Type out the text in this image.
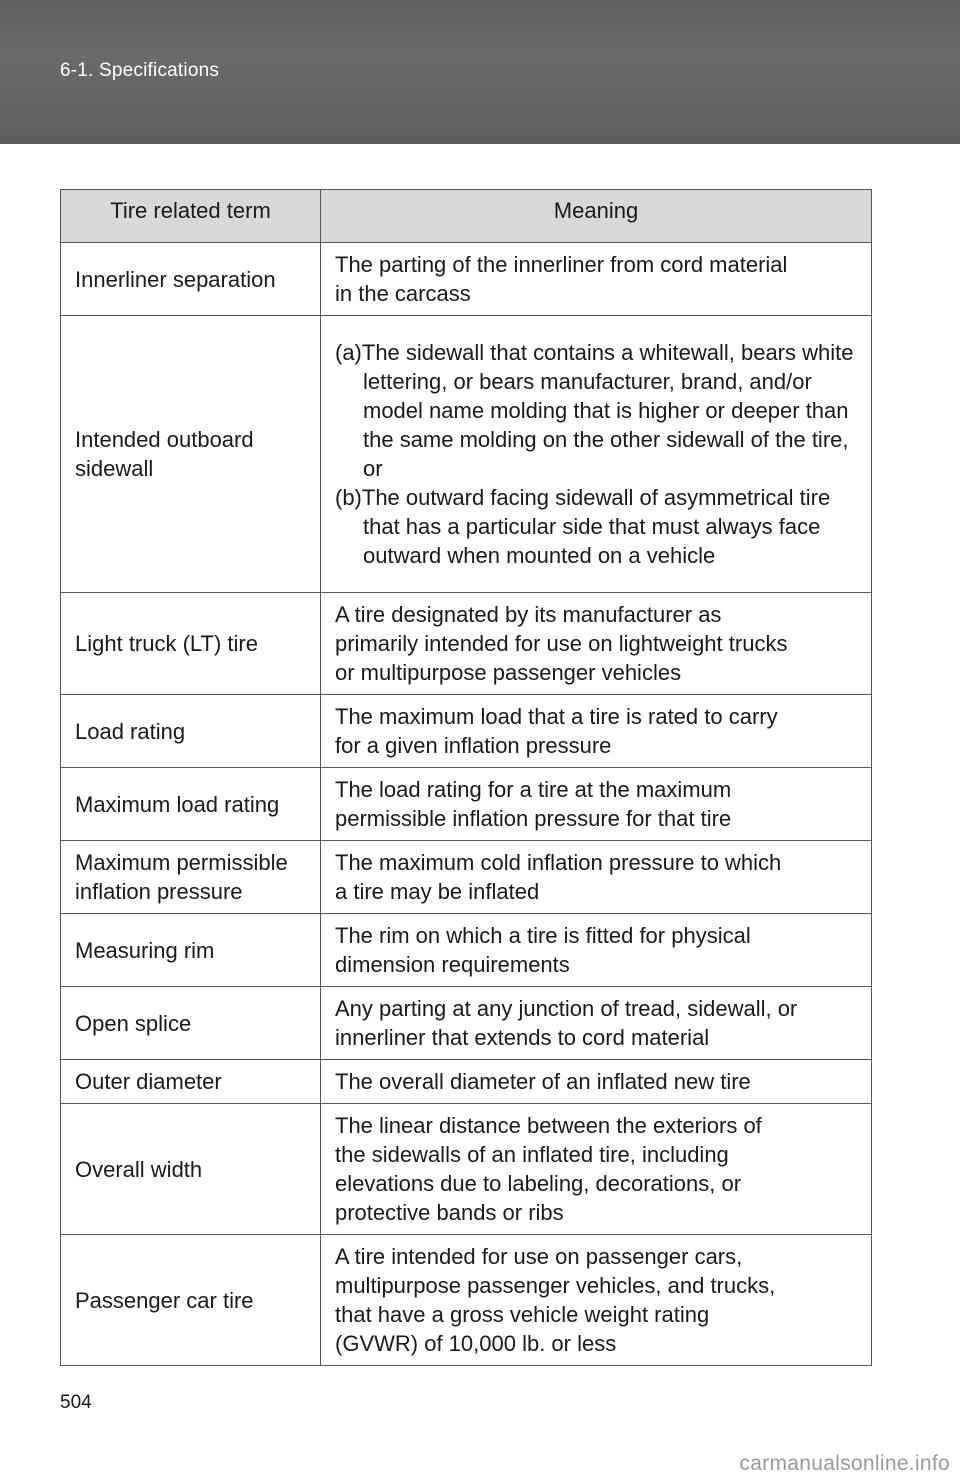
6-1. Specifications
Tire related term	Meaning
Innerliner separation	The parting of the innerliner from cord material
in the carcass
Intended outboard sidewall	(a)The sidewall that contains a whitewall, bears white lettering, or bears manufacturer, brand, and/or model name molding that is higher or deeper than the same molding on the other sidewall of the tire, or
(b)The outward facing sidewall of asymmetrical tire that has a particular side that must always face outward when mounted on a vehicle

Light truck (LT) tire	A tire designated by its manufacturer as
primarily intended for use on lightweight trucks
or multipurpose passenger vehicles
Load rating	The maximum load that a tire is rated to carry
for a given inflation pressure
Maximum load rating	The load rating for a tire at the maximum
permissible inflation pressure for that tire
Maximum permissible inflation pressure	The maximum cold inflation pressure to which
a tire may be inflated
Measuring rim	The rim on which a tire is fitted for physical
dimension requirements
Open splice	Any parting at any junction of tread, sidewall, or
innerliner that extends to cord material
Outer diameter	The overall diameter of an inflated new tire
Overall width	The linear distance between the exteriors of
the sidewalls of an inflated tire, including
elevations due to labeling, decorations, or
protective bands or ribs
Passenger car tire	A tire intended for use on passenger cars,
multipurpose passenger vehicles, and trucks,
that have a gross vehicle weight rating
(GVWR) of 10,000 lb. or less
504
carmanualsonline.info
